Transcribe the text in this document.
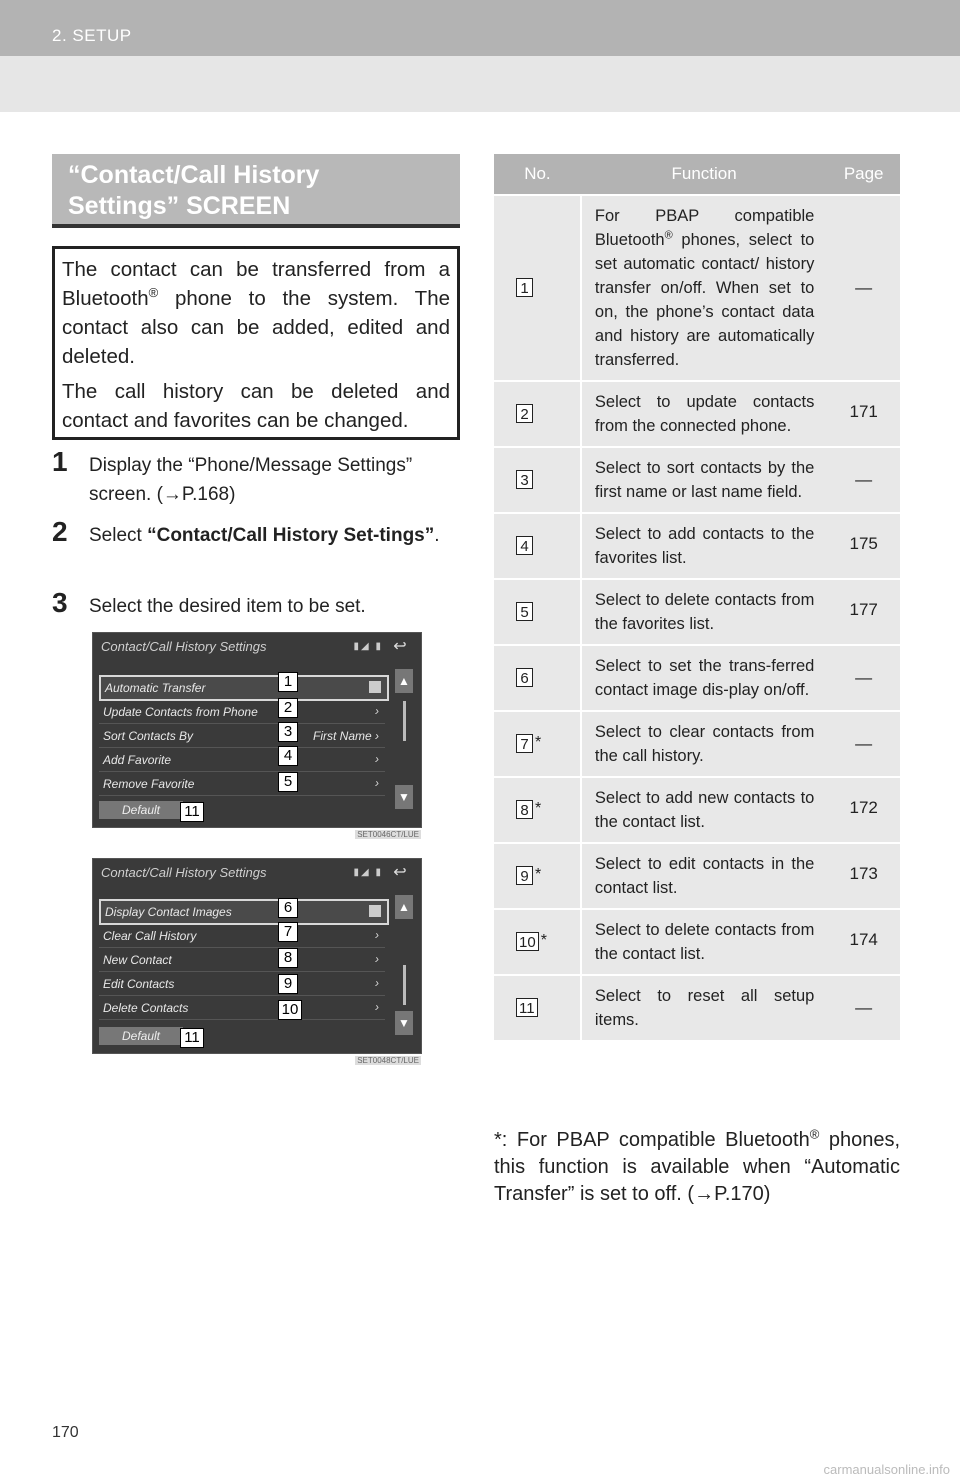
2. SETUP
“Contact/Call History
Settings” SCREEN

The contact can be transferred from a Bluetooth® phone to the system. The contact also can be added, edited and deleted.

The call history can be deleted and contact and favorites can be changed.

1	Display the “Phone/Message Settings” screen. (→P.168)
2	Select “Contact/Call History Set-tings”.
3	Select the desired item to be set.
Contact/Call History Settings	▮◢ ▮ ↩
Automatic Transfer
Update Contacts from Phone	›
Sort Contacts By	First Name ›
Add Favorite	›
Remove Favorite	›
▲
▼
Default
SET0046CT/LUE
Contact/Call History Settings	▮◢ ▮ ↩
Display Contact Images
Clear Call History	›
New Contact	›
Edit Contacts	›
Delete Contacts	›
▲
▼
Default
SET0048CT/LUE
1
2
3
4
5
11
6
7
8
9
10
11
No.	Function	Page
1	For PBAP compatible Bluetooth® phones, select to set automatic contact/ history transfer on/off. When set to on, the phone’s contact data and history are automatically transferred.	—
2	Select to update contacts from the connected phone.	171
3	Select to sort contacts by the first name or last name field.	—
4	Select to add contacts to the favorites list.	175
5	Select to delete contacts from the favorites list.	177
6	Select to set the trans-ferred contact image dis-play on/off.	—
7 *	Select to clear contacts from the call history.	—
8 *	Select to add new contacts to the contact list.	172
9 *	Select to edit contacts in the contact list.	173
10 *	Select to delete contacts from the contact list.	174
11	Select to reset all setup items.	—
*: For PBAP compatible Bluetooth® phones, this function is available when “Automatic Transfer” is set to off. (→P.170)
170
carmanualsonline.info
